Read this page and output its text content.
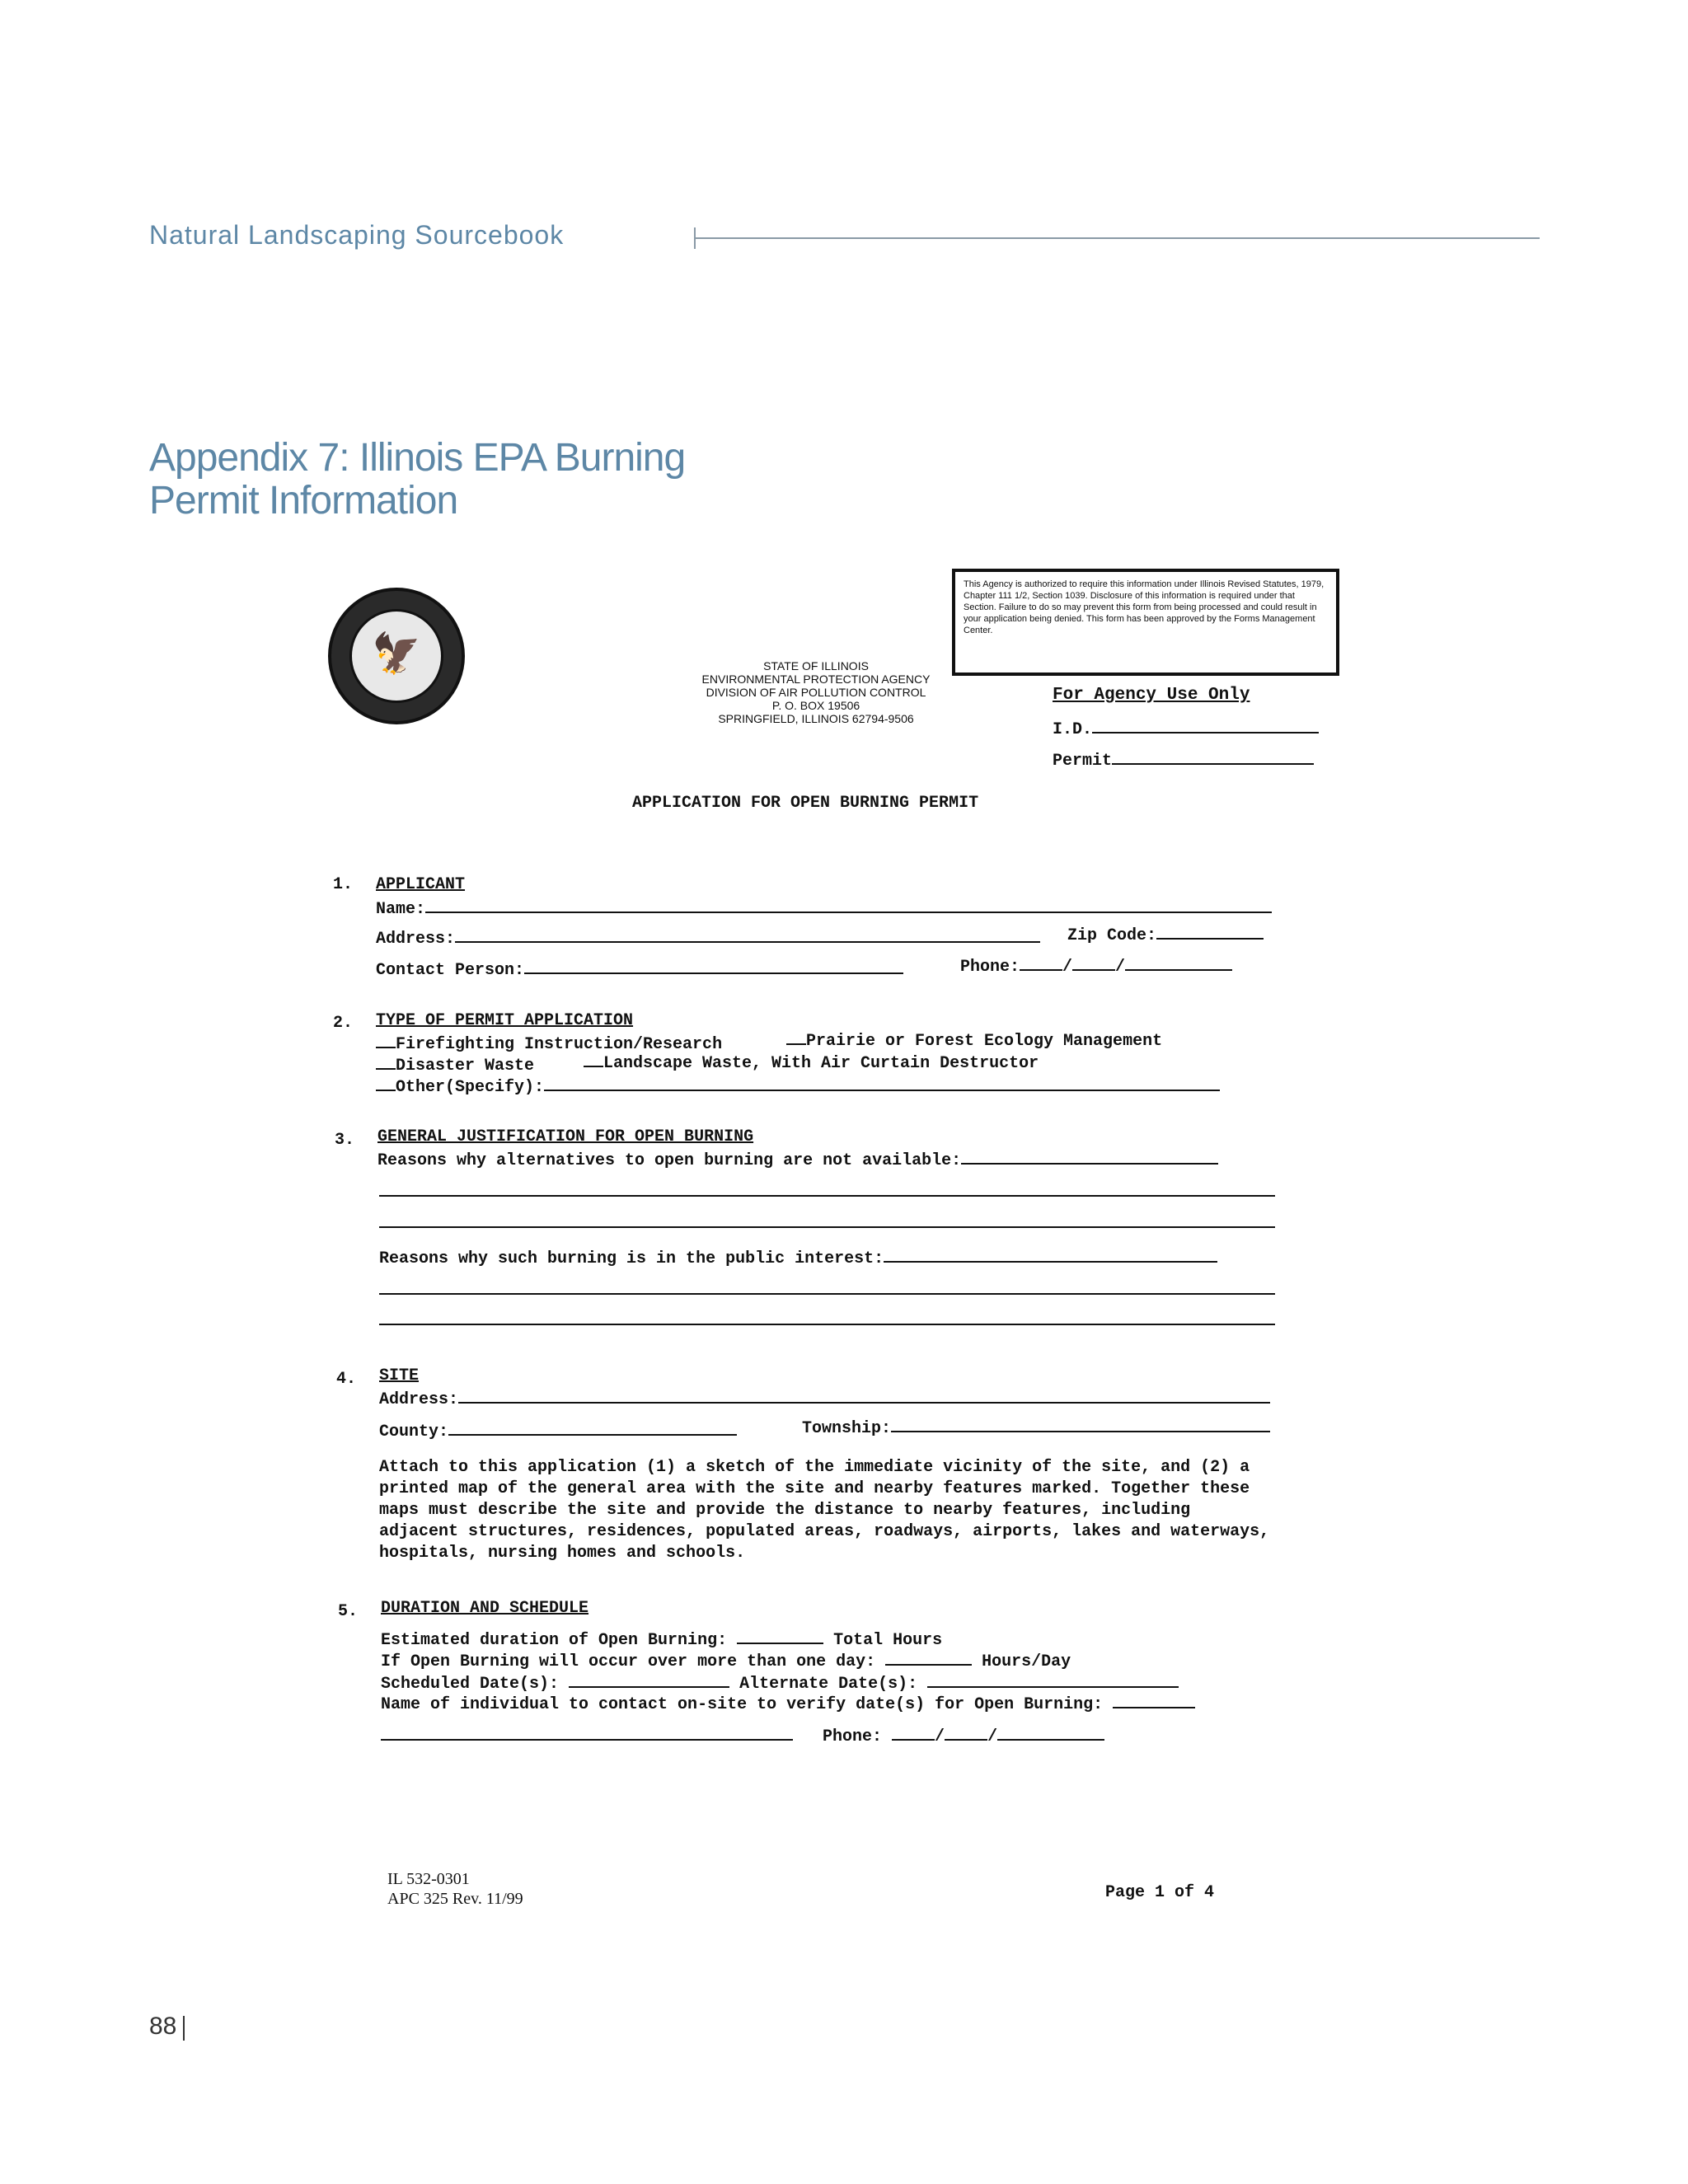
Natural Landscaping Sourcebook
Appendix 7: Illinois EPA Burning
Permit Information
🦅	STATE OF ILLINOIS
ENVIRONMENTAL PROTECTION AGENCY
DIVISION OF AIR POLLUTION CONTROL
P. O. BOX 19506
SPRINGFIELD, ILLINOIS 62794-9506
This Agency is authorized to require this information under Illinois Revised Statutes, 1979, Chapter 111 1/2, Section 1039. Disclosure of this information is required under that Section. Failure to do so may prevent this form from being processed and could result in your application being denied. This form has been approved by the Forms Management Center.
For Agency Use Only
I.D.
Permit
APPLICATION FOR OPEN BURNING PERMIT
1. APPLICANT
Name:
Address:	Zip Code:
Contact Person:	Phone:	/	/
2. TYPE OF PERMIT APPLICATION
Firefighting Instruction/Research	Prairie or Forest Ecology Management
Disaster Waste	Landscape Waste, With Air Curtain Destructor
Other(Specify):
3. GENERAL JUSTIFICATION FOR OPEN BURNING
Reasons why alternatives to open burning are not available:
Reasons why such burning is in the public interest:
4. SITE
Address:
County:	Township:
Attach to this application (1) a sketch of the immediate vicinity of the site, and (2) a printed map of the general area with the site and nearby features marked. Together these maps must describe the site and provide the distance to nearby features, including adjacent structures, residences, populated areas, roadways, airports, lakes and waterways, hospitals, nursing homes and schools.
5. DURATION AND SCHEDULE
Estimated duration of Open Burning:	Total Hours
If Open Burning will occur over more than one day:	Hours/Day
Scheduled Date(s):	Alternate Date(s):
Name of individual to contact on-site to verify date(s) for Open Burning:
Phone:	/	/
IL 532-0301
APC 325 Rev. 11/99	Page 1 of 4
88
